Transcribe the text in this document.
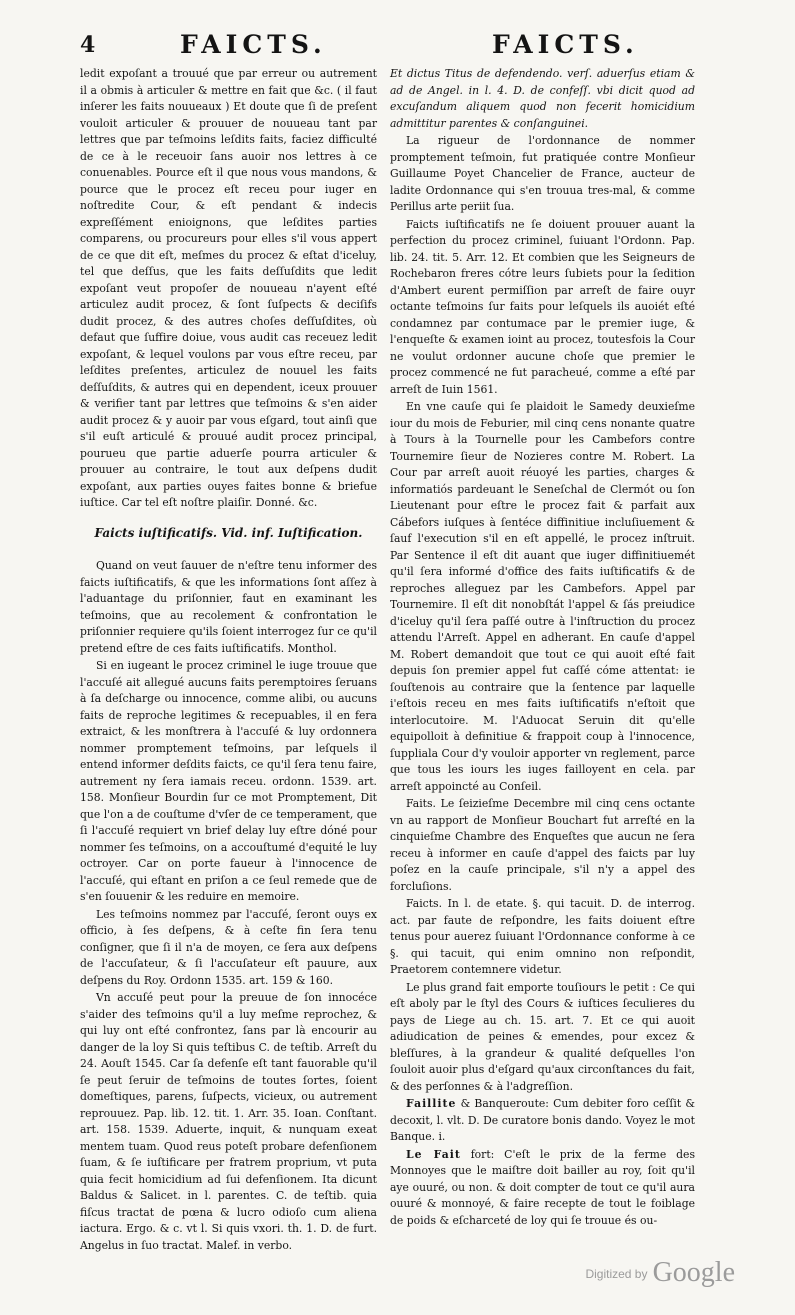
4	FAICTS.	FAICTS.

ledit expoſant a trouué que par erreur ou autrement il a obmis à articuler & mettre en fait que &c. ( il faut inſerer les faits nouueaux ) Et doute que ſi de preſent vouloit articuler & prouuer de nouueau tant par lettres que par teſmoins leſdits faits, faciez difficulté de ce à le receuoir ſans auoir nos lettres à ce conuenables. Pource eſt il que nous vous mandons, & pource que le procez eſt receu pour iuger en noſtredite Cour, & eſt pendant & indecis expreſſément enioignons, que leſdites parties comparens, ou procureurs pour elles s'il vous appert de ce que dit eſt, meſmes du procez & eſtat d'iceluy, tel que deſſus, que les faits deſſuſdits que ledit expoſant veut propoſer de nouueau n'ayent eſté articulez audit procez, & ſont ſuſpects & deciſifs dudit procez, & des autres choſes deſſuſdites, où defaut que ſuffire doiue, vous audit cas receuez ledit expoſant, & lequel voulons par vous eſtre receu, par leſdites preſentes, articulez de nouuel les faits deſſuſdits, & autres qui en dependent, iceux prouuer & verifier tant par lettres que teſmoins & s'en aider audit procez & y auoir par vous eſgard, tout ainſi que s'il euſt articulé & prouué audit procez principal, pourueu que partie aduerſe pourra articuler & prouuer au contraire, le tout aux deſpens dudit expoſant, aux parties ouyes faites bonne & briefue iuſtice. Car tel eſt noſtre plaiſir. Donné. &c.

Faicts iuſtificatifs. Vid. inf. Iuſtification.

Quand on veut ſauuer de n'eſtre tenu informer des faicts iuſtificatifs, & que les informations ſont aſſez à l'aduantage du priſonnier, faut en examinant les teſmoins, que au recolement & confrontation le priſonnier requiere qu'ils ſoient interrogez ſur ce qu'il pretend eſtre de ces faits iuſtificatifs. Monthol.

Si en iugeant le procez criminel le iuge trouue que l'accuſé ait allegué aucuns faits peremptoires ſeruans à ſa deſcharge ou innocence, comme alibi, ou aucuns faits de reproche legitimes & recepuables, il en fera extraict, & les monſtrera à l'accuſé & luy ordonnera nommer promptement teſmoins, par leſquels il entend informer deſdits faicts, ce qu'il ſera tenu faire, autrement ny ſera iamais receu. ordonn. 1539. art. 158. Monſieur Bourdin ſur ce mot Promptement, Dit que l'on a de couſtume d'vſer de ce temperament, que ſi l'accuſé requiert vn brief delay luy eſtre dóné pour nommer ſes teſmoins, on a accouſtumé d'equité le luy octroyer. Car on porte faueur à l'innocence de l'accuſé, qui eſtant en priſon a ce ſeul remede que de s'en ſouuenir & les reduire en memoire.

Les teſmoins nommez par l'accuſé, ſeront ouys ex officio, à ſes deſpens, & à ceſte fin ſera tenu conſigner, que ſi il n'a de moyen, ce ſera aux deſpens de l'accuſateur, & ſi l'accuſateur eſt pauure, aux deſpens du Roy. Ordonn 1535. art. 159 & 160.

Vn accuſé peut pour la preuue de ſon innocéce s'aider des teſmoins qu'il a luy meſme reprochez, & qui luy ont eſté confrontez, ſans par là encourir au danger de la loy Si quis teſtibus C. de teſtib. Arreſt du 24. Aouſt 1545. Car ſa defenſe eſt tant fauorable qu'il ſe peut ſeruir de teſmoins de toutes ſortes, ſoient domeſtiques, parens, ſuſpects, vicieux, ou autrement reprouuez. Pap. lib. 12. tit. 1. Arr. 35. Ioan. Conſtant. art. 158. 1539. Aduerte, inquit, & nunquam exeat mentem tuam. Quod reus poteſt probare defenſionem ſuam, & ſe iuſtificare per fratrem proprium, vt puta quia fecit homicidium ad ſui defenſionem. Ita dicunt Baldus & Salicet. in l. parentes. C. de teſtib. quia fiſcus tractat de pœna & lucro odioſo cum aliena iactura. Ergo. & c. vt l. Si quis vxori. th. 1. D. de furt. Angelus in ſuo tractat. Malef. in verbo.

Et dictus Titus de defendendo. verſ. aduerſus etiam & ad de Angel. in l. 4. D. de confeſſ. vbi dicit quod ad excuſandum aliquem quod non fecerit homicidium admittitur parentes & conſanguinei.

La rigueur de l'ordonnance de nommer promptement teſmoin, fut pratiquée contre Monſieur Guillaume Poyet Chancelier de France, aucteur de ladite Ordonnance qui s'en trouua tres-mal, & comme Perillus arte periit ſua.

Faicts iuſtificatifs ne ſe doiuent prouuer auant la perfection du procez criminel, ſuiuant l'Ordonn. Pap. lib. 24. tit. 5. Arr. 12. Et combien que les Seigneurs de Rochebaron freres cótre leurs ſubiets pour la ſedition d'Ambert eurent permiſſion par arreſt de faire ouyr octante teſmoins ſur faits pour leſquels ils auoiét eſté condamnez par contumace par le premier iuge, & l'enqueſte & examen ioint au procez, toutesfois la Cour ne voulut ordonner aucune choſe que premier le procez commencé ne fut paracheué, comme a eſté par arreſt de Iuin 1561.

En vne cauſe qui ſe plaidoit le Samedy deuxieſme iour du mois de Feburier, mil cinq cens nonante quatre à Tours à la Tournelle pour les Cambefors contre Tournemire ſieur de Nozieres contre M. Robert. La Cour par arreſt auoit réuoyé les parties, charges & informatiós pardeuant le Seneſchal de Clermót ou ſon Lieutenant pour eſtre le procez fait & parfait aux Cábefors iuſques à ſentéce diffinitiue incluſiuement & ſauf l'execution s'il en eſt appellé, le procez inſtruit. Par Sentence il eſt dit auant que iuger diffinitiuemét qu'il ſera informé d'office des faits iuſtificatifs & de reproches alleguez par les Cambefors. Appel par Tournemire. Il eſt dit nonobſtát l'appel & ſás preiudice d'iceluy qu'il ſera paſſé outre à l'inſtruction du procez attendu l'Arreſt. Appel en adherant. En cauſe d'appel M. Robert demandoit que tout ce qui auoit eſté fait depuis ſon premier appel fut caſſé cóme attentat: ie ſouſtenois au contraire que la ſentence par laquelle i'eſtois receu en mes faits iuſtificatifs n'eſtoit que interlocutoire. M. l'Aduocat Seruin dit qu'elle equipolloit à definitiue & frappoit coup à l'innocence, ſuppliala Cour d'y vouloir apporter vn reglement, parce que tous les iours les iuges failloyent en cela. par arreſt appoincté au Conſeil.

Faits. Le ſeizieſme Decembre mil cinq cens octante vn au rapport de Monſieur Bouchart fut arreſté en la cinquieſme Chambre des Enqueſtes que aucun ne ſera receu à informer en cauſe d'appel des faicts par luy poſez en la cauſe principale, s'il n'y a appel des forcluſions.

Faicts. In l. de etate. §. qui tacuit. D. de interrog. act. par faute de reſpondre, les faits doiuent eſtre tenus pour auerez ſuiuant l'Ordonnance conforme à ce §. qui tacuit, qui enim omnino non reſpondit, Praetorem contemnere videtur.

Le plus grand fait emporte touſiours le petit : Ce qui eſt aboly par le ſtyl des Cours & iuſtices ſeculieres du pays de Liege au ch. 15. art. 7. Et ce qui auoit adiudication de peines & emendes, pour excez & bleſſures, à la grandeur & qualité deſquelles l'on ſouloit auoir plus d'eſgard qu'aux circonſtances du fait, & des perſonnes & à l'adgreſſion.

Faillite & Banqueroute: Cum debiter foro ceſſit & decoxit, l. vlt. D. De curatore bonis dando. Voyez le mot Banque. i.

Le Fait fort: C'eſt le prix de la ferme des Monnoyes que le maiſtre doit bailler au roy, ſoit qu'il aye ouuré, ou non. & doit compter de tout ce qu'il aura ouuré & monnoyé, & faire recepte de tout le foiblage de poids & eſcharceté de loy qui ſe trouue és ou-

Digitized by Google
